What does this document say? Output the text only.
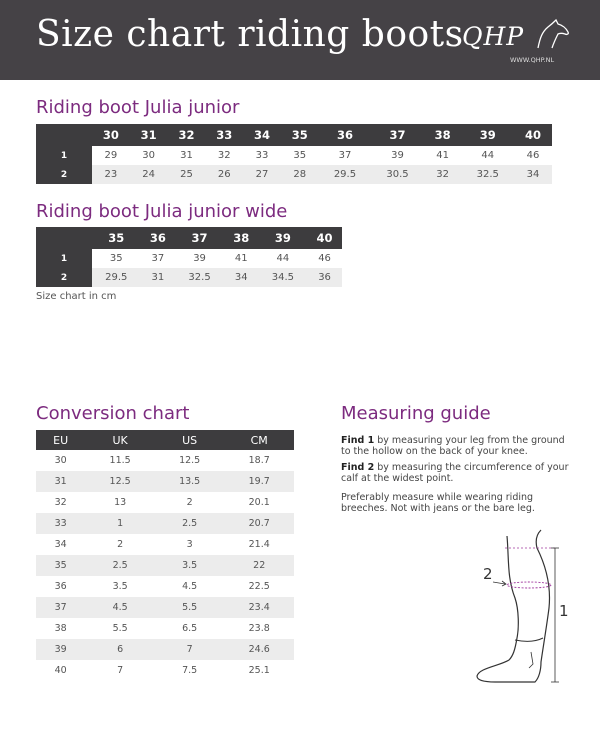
Size chart riding boots
QHP
WWW.QHP.NL
Riding boot Julia junior
	30	31	32	33	34	35	36	37	38	39	40
1	29	30	31	32	33	35	37	39	41	44	46
2	23	24	25	26	27	28	29.5	30.5	32	32.5	34
Riding boot Julia junior wide
	35	36	37	38	39	40
1	35	37	39	41	44	46
2	29.5	31	32.5	34	34.5	36
Size chart in cm
Conversion chart
EU	UK	US	CM
30	11.5	12.5	18.7
31	12.5	13.5	19.7
32	13	2	20.1
33	1	2.5	20.7
34	2	3	21.4
35	2.5	3.5	22
36	3.5	4.5	22.5
37	4.5	5.5	23.4
38	5.5	6.5	23.8
39	6	7	24.6
40	7	7.5	25.1
Measuring guide
Find 1 by measuring your leg from the ground to the hollow on the back of your knee.
Find 2 by measuring the circumference of your calf at the widest point.
Preferably measure while wearing riding breeches. Not with jeans or the bare leg.
2
1
